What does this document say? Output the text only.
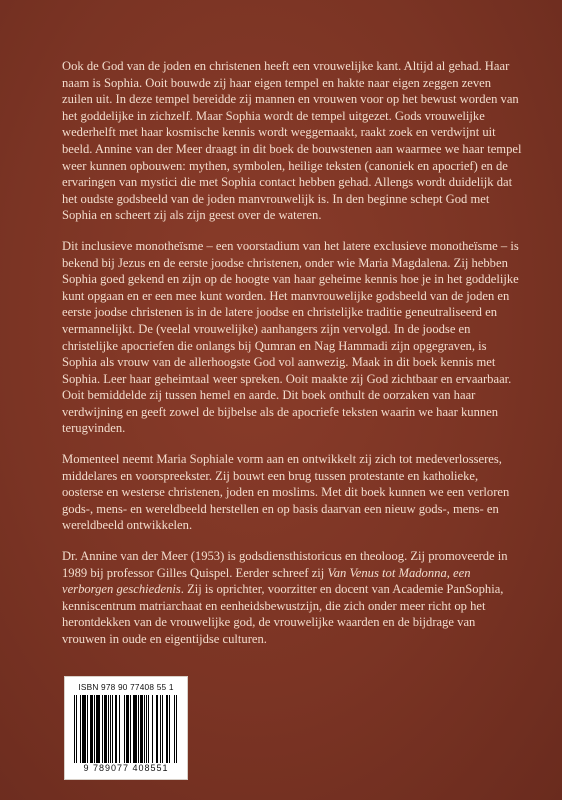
Ook de God van de joden en christenen heeft een vrouwelijke kant. Altijd al gehad. Haar naam is Sophia. Ooit bouwde zij haar eigen tempel en hakte naar eigen zeggen zeven zuilen uit. In deze tempel bereidde zij mannen en vrouwen voor op het bewust worden van het goddelijke in zichzelf. Maar Sophia wordt de tempel uitgezet. Gods vrouwelijke wederhelft met haar kosmische kennis wordt weggemaakt, raakt zoek en verdwijnt uit beeld. Annine van der Meer draagt in dit boek de bouwstenen aan waarmee we haar tempel weer kunnen opbouwen: mythen, symbolen, heilige teksten (canoniek en apocrief) en de ervaringen van mystici die met Sophia contact hebben gehad. Allengs wordt duidelijk dat het oudste godsbeeld van de joden manvrouwelijk is. In den beginne schept God met Sophia en scheert zij als zijn geest over de wateren.

Dit inclusieve monotheïsme – een voorstadium van het latere exclusieve monotheïsme – is bekend bij Jezus en de eerste joodse christenen, onder wie Maria Magdalena. Zij hebben Sophia goed gekend en zijn op de hoogte van haar geheime kennis hoe je in het goddelijke kunt opgaan en er een mee kunt worden. Het manvrouwelijke godsbeeld van de joden en eerste joodse christenen is in de latere joodse en christelijke traditie geneutraliseerd en vermannelijkt. De (veelal vrouwelijke) aanhangers zijn vervolgd. In de joodse en christelijke apocriefen die onlangs bij Qumran en Nag Hammadi zijn opgegraven, is Sophia als vrouw van de allerhoogste God vol aanwezig. Maak in dit boek kennis met Sophia. Leer haar geheimtaal weer spreken. Ooit maakte zij God zichtbaar en ervaarbaar. Ooit bemiddelde zij tussen hemel en aarde. Dit boek onthult de oorzaken van haar verdwijning en geeft zowel de bijbelse als de apocriefe teksten waarin we haar kunnen terugvinden.

Momenteel neemt Maria Sophiale vorm aan en ontwikkelt zij zich tot medeverlosseres, middelares en voorspreekster. Zij bouwt een brug tussen protestante en katholieke, oosterse en westerse christenen, joden en moslims. Met dit boek kunnen we een verloren gods-, mens- en wereldbeeld herstellen en op basis daarvan een nieuw gods-, mens- en wereldbeeld ontwikkelen.

Dr. Annine van der Meer (1953) is godsdiensthistoricus en theoloog. Zij promoveerde in 1989 bij professor Gilles Quispel. Eerder schreef zij Van Venus tot Madonna, een verborgen geschiedenis. Zij is oprichter, voorzitter en docent van Academie PanSophia, kenniscentrum matriarchaat en eenheidsbewustzijn, die zich onder meer richt op het herontdekken van de vrouwelijke god, de vrouwelijke waarden en de bijdrage van vrouwen in oude en eigentijdse culturen.

ISBN 978 90 77408 55 1
9 789077 408551
